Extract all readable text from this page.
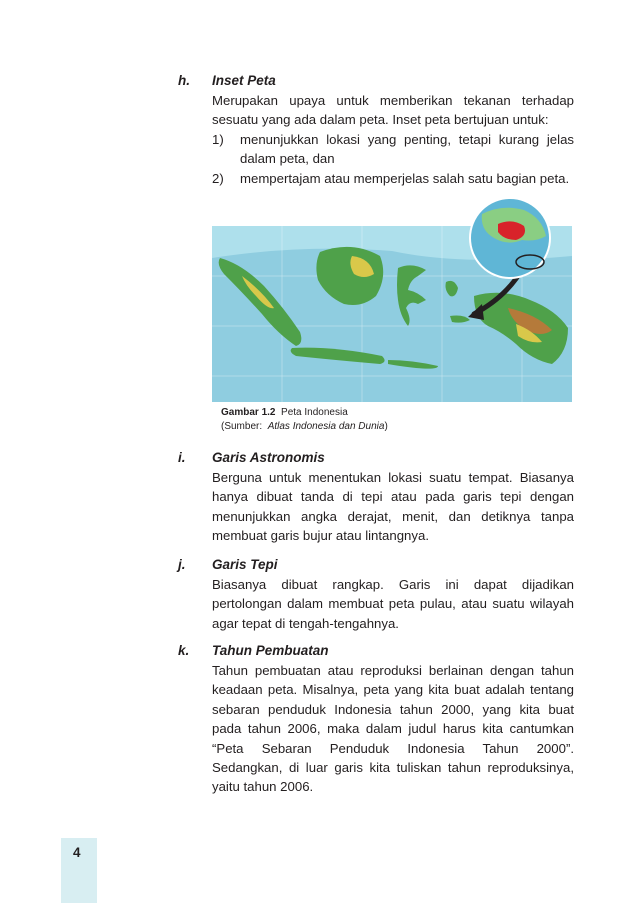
h. Inset Peta
Merupakan upaya untuk memberikan tekanan terhadap sesuatu yang ada dalam peta. Inset peta bertujuan untuk:
1) menunjukkan lokasi yang penting, tetapi kurang jelas dalam peta, dan
2) mempertajam atau memperjelas salah satu bagian peta.
Gambar 1.2 Peta Indonesia
(Sumber: Atlas Indonesia dan Dunia)
i. Garis Astronomis
Berguna untuk menentukan lokasi suatu tempat. Biasanya hanya dibuat tanda di tepi atau pada garis tepi dengan menunjukkan angka derajat, menit, dan detiknya tanpa membuat garis bujur atau lintangnya.
j. Garis Tepi
Biasanya dibuat rangkap. Garis ini dapat dijadikan pertolongan dalam membuat peta pulau, atau suatu wilayah agar tepat di tengah-tengahnya.
k. Tahun Pembuatan
Tahun pembuatan atau reproduksi berlainan dengan tahun keadaan peta. Misalnya, peta yang kita buat adalah tentang sebaran penduduk Indonesia tahun 2000, yang kita buat pada tahun 2006, maka dalam judul harus kita cantumkan “Peta Sebaran Penduduk Indonesia Tahun 2000”. Sedangkan, di luar garis kita tuliskan tahun reproduksinya, yaitu tahun 2006.
4
